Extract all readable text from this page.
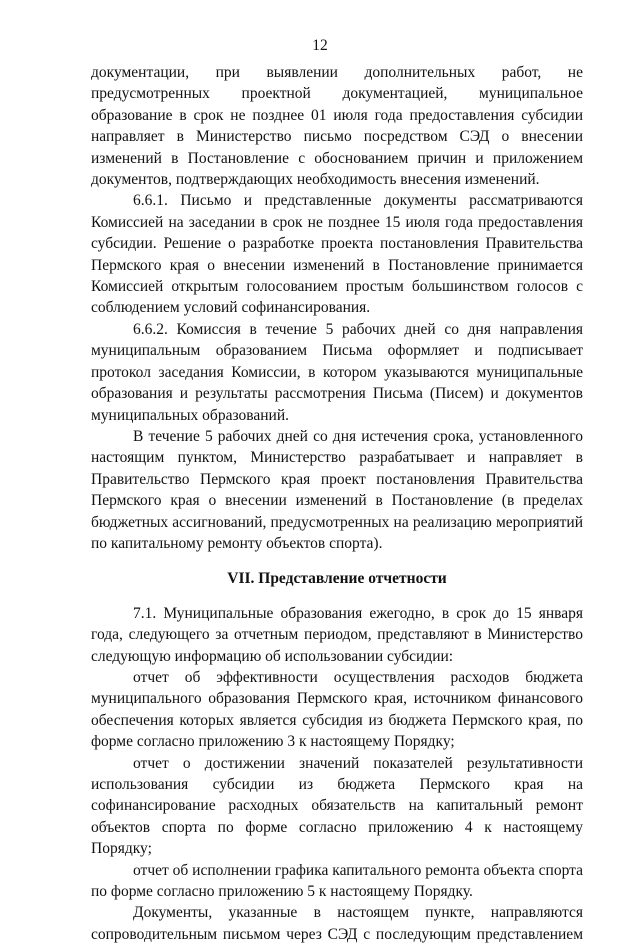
12

документации, при выявлении дополнительных работ, не предусмотренных проектной документацией, муниципальное образование в срок не позднее 01 июля года предоставления субсидии направляет в Министерство письмо посредством СЭД о внесении изменений в Постановление с обоснованием причин и приложением документов, подтверждающих необходимость внесения изменений.

6.6.1. Письмо и представленные документы рассматриваются Комиссией на заседании в срок не позднее 15 июля года предоставления субсидии. Решение о разработке проекта постановления Правительства Пермского края о внесении изменений в Постановление принимается Комиссией открытым голосованием простым большинством голосов с соблюдением условий софинансирования.

6.6.2. Комиссия в течение 5 рабочих дней со дня направления муниципальным образованием Письма оформляет и подписывает протокол заседания Комиссии, в котором указываются муниципальные образования и результаты рассмотрения Письма (Писем) и документов муниципальных образований.

В течение 5 рабочих дней со дня истечения срока, установленного настоящим пунктом, Министерство разрабатывает и направляет в Правительство Пермского края проект постановления Правительства Пермского края о внесении изменений в Постановление (в пределах бюджетных ассигнований, предусмотренных на реализацию мероприятий по капитальному ремонту объектов спорта).

VII. Представление отчетности

7.1. Муниципальные образования ежегодно, в срок до 15 января года, следующего за отчетным периодом, представляют в Министерство следующую информацию об использовании субсидии:

отчет об эффективности осуществления расходов бюджета муниципального образования Пермского края, источником финансового обеспечения которых является субсидия из бюджета Пермского края, по форме согласно приложению 3 к настоящему Порядку;

отчет о достижении значений показателей результативности использования субсидии из бюджета Пермского края на софинансирование расходных обязательств на капитальный ремонт объектов спорта по форме согласно приложению 4 к настоящему Порядку;

отчет об исполнении графика капитального ремонта объекта спорта по форме согласно приложению 5 к настоящему Порядку.

Документы, указанные в настоящем пункте, направляются сопроводительным письмом через СЭД с последующим представлением
